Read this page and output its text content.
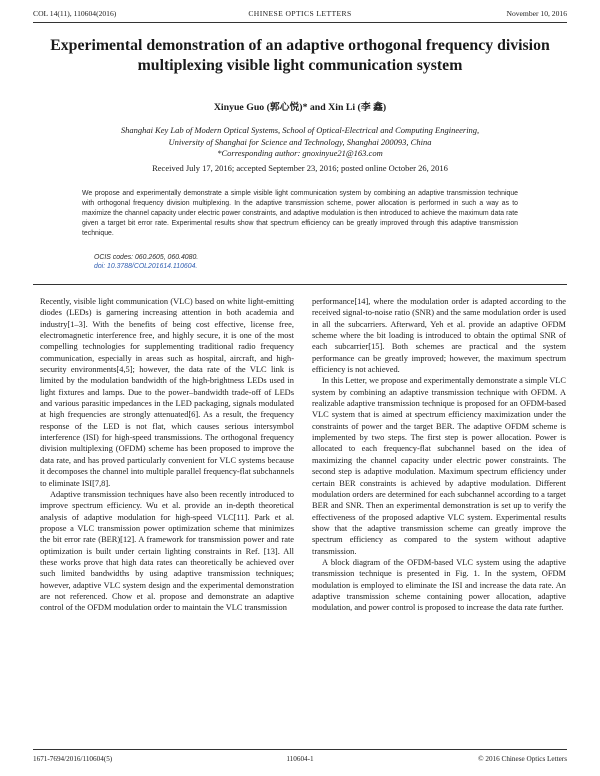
COL 14(11), 110604(2016)	CHINESE OPTICS LETTERS	November 10, 2016
Experimental demonstration of an adaptive orthogonal frequency division multiplexing visible light communication system
Xinyue Guo (郭心悦)* and Xin Li (李 鑫)
Shanghai Key Lab of Modern Optical Systems, School of Optical-Electrical and Computing Engineering,
University of Shanghai for Science and Technology, Shanghai 200093, China
*Corresponding author: gnoxinyue21@163.com
Received July 17, 2016; accepted September 23, 2016; posted online October 26, 2016
We propose and experimentally demonstrate a simple visible light communication system by combining an adaptive transmission technique with orthogonal frequency division multiplexing. In the adaptive transmission scheme, power allocation is performed in such a way as to maximize the channel capacity under electric power constraints, and adaptive modulation is then introduced to achieve the maximum data rate given a target bit error rate. Experimental results show that spectrum efficiency can be greatly improved through this adaptive transmission technique.
OCIS codes: 060.2605, 060.4080.
doi: 10.3788/COL201614.110604.

Recently, visible light communication (VLC) based on white light-emitting diodes (LEDs) is garnering increasing attention in both academia and industry[1–3]. With the benefits of being cost effective, license free, electromagnetic interference free, and highly secure, it is one of the most compelling technologies for supplementing traditional radio frequency communication, especially in areas such as hospital, aircraft, and high-security environments[4,5]; however, the data rate of the VLC link is limited by the modulation bandwidth of the high-brightness LEDs used in light fixtures and lamps. Due to the power–bandwidth trade-off of LEDs and various parasitic impedances in the LED packaging, signals modulated at high frequencies are strongly attenuated[6]. As a result, the frequency response of the LED is not flat, which causes serious intersymbol interference (ISI) for high-speed transmissions. The orthogonal frequency division multiplexing (OFDM) scheme has been proposed to improve the data rate, and has proved particularly convenient for VLC systems because it decomposes the channel into multiple parallel frequency-flat subchannels to eliminate ISI[7,8].

Adaptive transmission techniques have also been recently introduced to improve spectrum efficiency. Wu et al. provide an in-depth theoretical analysis of adaptive modulation for high-speed VLC[11]. Park et al. propose a VLC transmission power optimization scheme that minimizes the bit error rate (BER)[12]. A framework for transmission power and rate optimization is built under certain lighting constraints in Ref. [13]. All these works prove that high data rates can theoretically be achieved over such limited bandwidths by using adaptive transmission techniques; however, adaptive VLC system design and the experimental demonstration are not referenced. Chow et al. propose and demonstrate an adaptive control of the OFDM modulation order to maintain the VLC transmission

performance[14], where the modulation order is adapted according to the received signal-to-noise ratio (SNR) and the same modulation order is used in all the subcarriers. Afterward, Yeh et al. provide an adaptive OFDM scheme where the bit loading is introduced to obtain the optimal SNR of each subcarrier[15]. Both schemes are practical and the system performance can be greatly improved; however, the maximum spectrum efficiency is not achieved.

In this Letter, we propose and experimentally demonstrate a simple VLC system by combining an adaptive transmission technique with OFDM. A realizable adaptive transmission technique is proposed for an OFDM-based VLC system that is aimed at spectrum efficiency maximization under the constraints of power and the target BER. The adaptive OFDM scheme is implemented by two steps. The first step is power allocation. Power is allocated to each frequency-flat subchannel based on the idea of maximizing the channel capacity under electric power constraints. The second step is adaptive modulation. Maximum spectrum efficiency under certain BER constraints is achieved by adaptive modulation. Different modulation orders are determined for each subchannel according to a target BER and SNR. Then an experimental demonstration is set up to verify the effectiveness of the proposed adaptive VLC system. Experimental results show that the adaptive transmission scheme can greatly improve the spectrum efficiency as compared to the system without adaptive transmission.

A block diagram of the OFDM-based VLC system using the adaptive transmission technique is presented in Fig. 1. In the system, OFDM modulation is employed to eliminate the ISI and increase the data rate. An adaptive transmission scheme containing power allocation, adaptive modulation, and power control is proposed to increase the data rate further.

1671-7694/2016/110604(5)	110604-1	© 2016 Chinese Optics Letters
